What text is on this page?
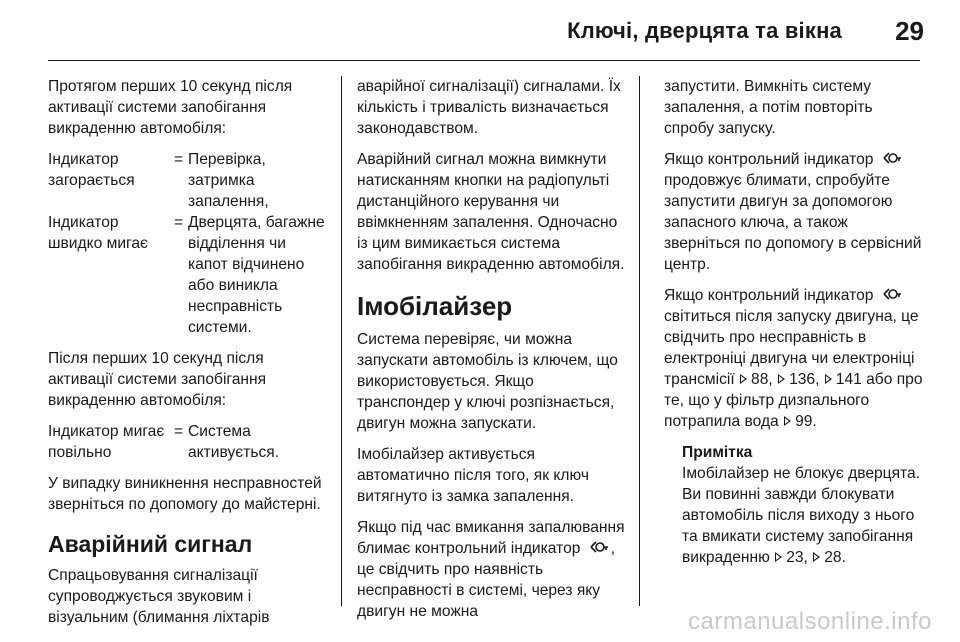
Ключі, дверцята та вікна 29

Протягом перших 10 секунд після активації системи запобігання викраденню автомобіля:

Індикатор загорається
= Перевірка, затримка запалення,
Індикатор швидко мигає
= Дверцята, багажне відділення чи капот відчинено або виникла несправність системи.

Після перших 10 секунд після активації системи запобігання викраденню автомобіля:

Індикатор мигає повільно
= Система активується.

У випадку виникнення несправностей зверніться по допомогу до майстерні.

Аварійний сигнал

Спрацьовування сигналізації супроводжується звуковим і візуальним (блимання ліхтарів

аварійної сигналізації) сигналами. Їх кількість і тривалість визначається законодавством.

Аварійний сигнал можна вимкнути натисканням кнопки на радіопульті дистанційного керування чи ввімкненням запалення. Одночасно із цим вимикається система запобігання викраденню автомобіля.

Імобілайзер

Система перевіряє, чи можна запускати автомобіль із ключем, що використовується. Якщо транспондер у ключі розпізнається, двигун можна запускати.

Імобілайзер активується автоматично після того, як ключ витягнуто із замка запалення.

Якщо під час вмикання запалювання блимає контрольний індикатор , це свідчить про наявність несправності в системі, через яку двигун не можна

запустити. Вимкніть систему запалення, а потім повторіть спробу запуску.

Якщо контрольний індикатор  продовжує блимати, спробуйте запустити двигун за допомогою запасного ключа, а також зверніться по допомогу в сервісний центр.

Якщо контрольний індикатор  світиться після запуску двигуна, це свідчить про несправність в електроніці двигуна чи електроніці трансмісії 88, 136, 141 або про те, що у фільтр дизпального потрапила вода 99.

Примітка
Імобілайзер не блокує дверцята. Ви повинні завжди блокувати автомобіль після виходу з нього та вмикати систему запобігання викраденню 23, 28.
carmanualsonline.info
